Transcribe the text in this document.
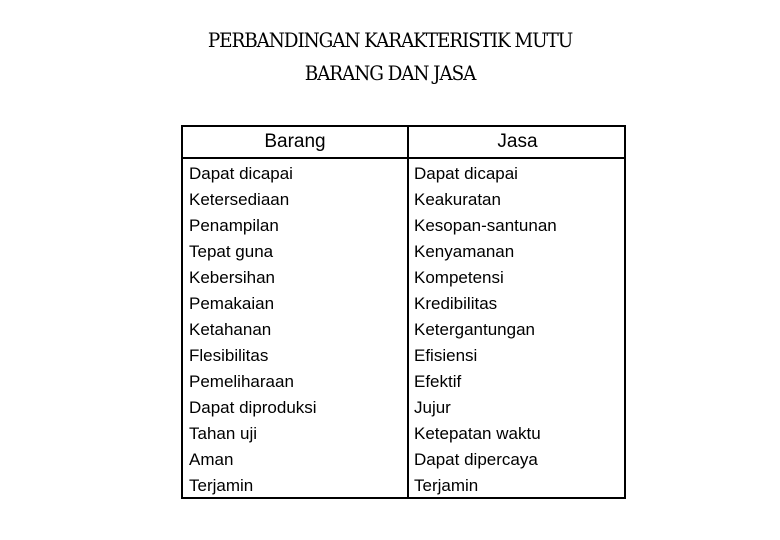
PERBANDINGAN KARAKTERISTIK MUTU
BARANG DAN JASA
Barang	Jasa
Dapat dicapai
Ketersediaan
Penampilan
Tepat guna
Kebersihan
Pemakaian
Ketahanan
Flesibilitas
Pemeliharaan
Dapat diproduksi
Tahan uji
Aman
Terjamin
Dapat dicapai
Keakuratan
Kesopan-santunan
Kenyamanan
Kompetensi
Kredibilitas
Ketergantungan
Efisiensi
Efektif
Jujur
Ketepatan waktu
Dapat dipercaya
Terjamin
